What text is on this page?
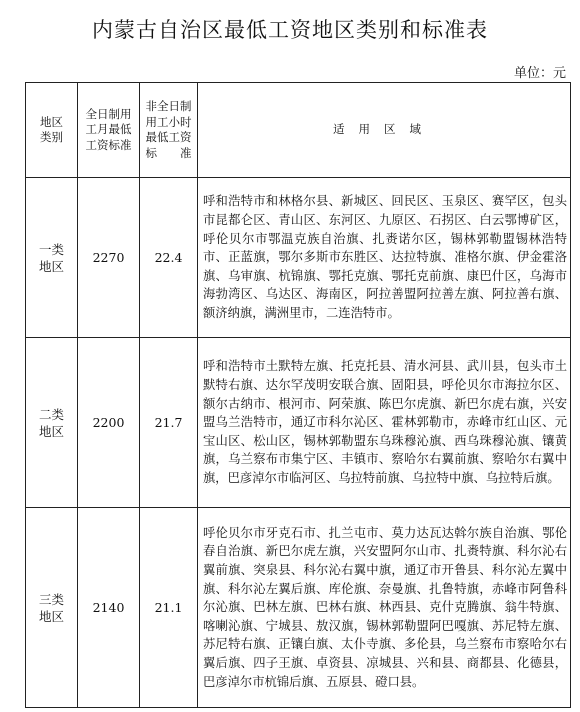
内蒙古自治区最低工资地区类别和标准表
单位：元
地区类别	全日制用工月最低工资标准	非全日制用工小时最低工资标准	适用区域
一类地区	2270	22.4	呼和浩特市和林格尔县、新城区、回民区、玉泉区、赛罕区，包头市昆都仑区、青山区、东河区、九原区、石拐区、白云鄂博矿区，呼伦贝尔市鄂温克族自治旗、扎赉诺尔区，锡林郭勒盟锡林浩特市、正蓝旗，鄂尔多斯市东胜区、达拉特旗、准格尔旗、伊金霍洛旗、乌审旗、杭锦旗、鄂托克旗、鄂托克前旗、康巴什区，乌海市海勃湾区、乌达区、海南区，阿拉善盟阿拉善左旗、阿拉善右旗、额济纳旗，满洲里市，二连浩特市。
二类地区	2200	21.7	呼和浩特市土默特左旗、托克托县、清水河县、武川县，包头市土默特右旗、达尔罕茂明安联合旗、固阳县，呼伦贝尔市海拉尔区、额尔古纳市、根河市、阿荣旗、陈巴尔虎旗、新巴尔虎右旗，兴安盟乌兰浩特市，通辽市科尔沁区、霍林郭勒市，赤峰市红山区、元宝山区、松山区，锡林郭勒盟东乌珠穆沁旗、西乌珠穆沁旗、镶黄旗，乌兰察布市集宁区、丰镇市、察哈尔右翼前旗、察哈尔右翼中旗，巴彦淖尔市临河区、乌拉特前旗、乌拉特中旗、乌拉特后旗。
三类地区	2140	21.1	呼伦贝尔市牙克石市、扎兰屯市、莫力达瓦达斡尔族自治旗、鄂伦春自治旗、新巴尔虎左旗，兴安盟阿尔山市、扎赉特旗、科尔沁右翼前旗、突泉县、科尔沁右翼中旗，通辽市开鲁县、科尔沁左翼中旗、科尔沁左翼后旗、库伦旗、奈曼旗、扎鲁特旗，赤峰市阿鲁科尔沁旗、巴林左旗、巴林右旗、林西县、克什克腾旗、翁牛特旗、喀喇沁旗、宁城县、敖汉旗，锡林郭勒盟阿巴嘎旗、苏尼特左旗、苏尼特右旗、正镶白旗、太仆寺旗、多伦县，乌兰察布市察哈尔右翼后旗、四子王旗、卓资县、凉城县、兴和县、商都县、化德县，巴彦淖尔市杭锦后旗、五原县、磴口县。
